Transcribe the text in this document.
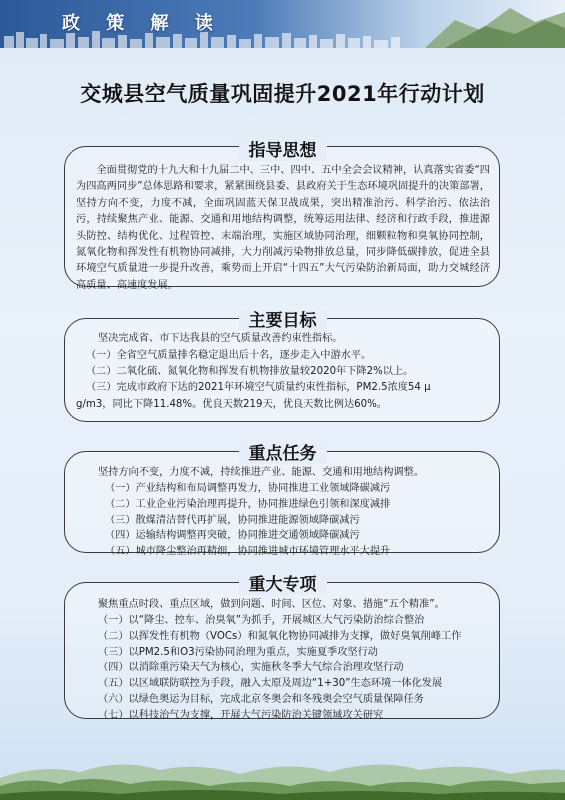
政 策 解 读
交城县空气质量巩固提升2021年行动计划
指导思想

全面贯彻党的十九大和十九届二中、三中、四中、五中全会会议精神，认真落实省委“四为四高两同步”总体思路和要求，紧紧围绕县委、县政府关于生态环境巩固提升的决策部署，坚持方向不变，力度不减，全面巩固蓝天保卫战成果，突出精准治污、科学治污、依法治污，持续聚焦产业、能源、交通和用地结构调整，统筹运用法律、经济和行政手段，推进源头防控、结构优化、过程管控、末端治理，实施区域协同治理，细颗粒物和臭氧协同控制，氮氧化物和挥发性有机物协同减排，大力削减污染物排放总量，同步降低碳排放，促进全县环境空气质量进一步提升改善，乘势而上开启“十四五”大气污染防治新局面，助力交城经济高质量、高速度发展。

主要目标
坚决完成省、市下达我县的空气质量改善约束性指标。
（一）全省空气质量排名稳定退出后十名，逐步走入中游水平。
（二）二氧化硫、氮氧化物和挥发有机物排放量较2020年下降2%以上。
（三）完成市政府下达的2021年环境空气质量约束性指标，PM2.5浓度54 μ
g/m3，同比下降11.48%。优良天数219天，优良天数比例达60%。
重点任务
坚持方向不变，力度不减，持续推进产业、能源、交通和用地结构调整。
（一）产业结构和布局调整再发力，协同推进工业领域降碳减污
（二）工业企业污染治理再提升，协同推进绿色引领和深度减排
（三）散煤清洁替代再扩展，协同推进能源领域降碳减污
（四）运输结构调整再突破，协同推进交通领域降碳减污
（五）城市降尘整治再精细，协同推进城市环境管理水平大提升
重大专项
聚焦重点时段、重点区域，做到问题、时间、区位、对象、措施“五个精准”。
（一）以“降尘、控车、治臭氧”为抓手，开展城区大气污染防治综合整治
（二）以挥发性有机物（VOCs）和氮氧化物协同减排为支撑，做好臭氧削峰工作
（三）以PM2.5和O3污染协同治理为重点，实施夏季攻坚行动
（四）以消除重污染天气为核心，实施秋冬季大气综合治理攻坚行动
（五）以区域联防联控为手段，融入太原及周边“1+30”生态环境一体化发展
（六）以绿色奥运为目标，完成北京冬奥会和冬残奥会空气质量保障任务
（七）以科技治气为支撑，开展大气污染防治关键领域攻关研究
